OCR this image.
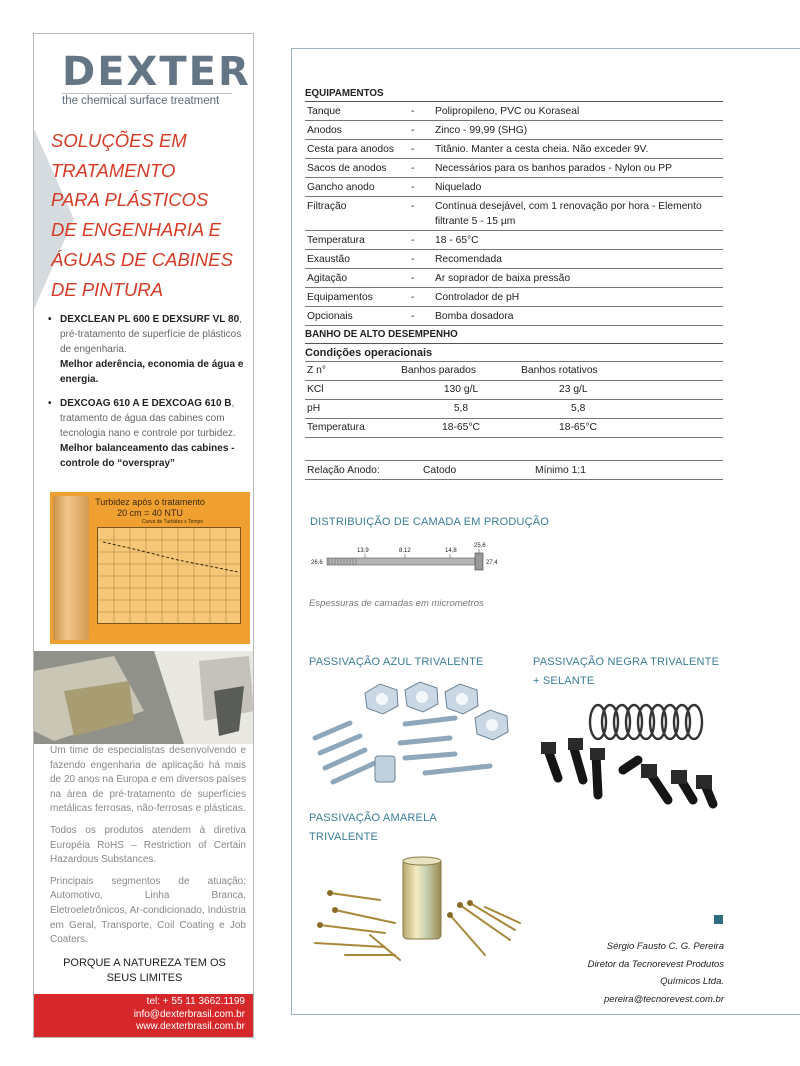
DEXTER
the chemical surface treatment
SOLUÇÕES EM
TRATAMENTO
PARA PLÁSTICOS
DE ENGENHARIA E
ÁGUAS DE CABINES
DE PINTURA
• DEXCLEAN PL 600 E DEXSURF VL 80, pré-tratamento de superfície de plásticos de engenharia.
Melhor aderência, economia de água e energia.
• DEXCOAG 610 A E DEXCOAG 610 B, tratamento de água das cabines com tecnologia nano e controle por turbidez.
Melhor balanceamento das cabines - controle do “overspray”
Turbidez após o tratamento
20 cm = 40 NTU
Curva de Turbidez x Tempo

Um time de especialistas desenvolvendo e fazendo engenharia de aplicação há mais de 20 anos na Europa e em diversos países na área de pré-tratamento de superfícies metálicas ferrosas, não-ferrosas e plásticas.

Todos os produtos atendem à diretiva Européia RoHS – Restriction of Certain Hazardous Substances.

Principais segmentos de atuação: Automotivo, Linha Branca, Eletroeletrônicos, Ar-condicionado, Indústria em Geral, Transporte, Coil Coating e Job Coaters.

PORQUE A NATUREZA TEM OS
SEUS LIMITES
tel: + 55 11 3662.1199
info@dexterbrasil.com.br
www.dexterbrasil.com.br
EQUIPAMENTOS
Tanque	-	Polipropileno, PVC ou Koraseal
Anodos	-	Zinco - 99,99 (SHG)
Cesta para anodos	-	Titânio. Manter a cesta cheia. Não exceder 9V.
Sacos de anodos	-	Necessários para os banhos parados - Nylon ou PP
Gancho anodo	-	Niquelado
Filtração	-	Contínua desejável, com 1 renovação por hora - Elemento filtrante 5 - 15 µm
Temperatura	-	18 - 65°C
Exaustão	-	Recomendada
Agitação	-	Ar soprador de baixa pressão
Equipamentos	-	Controlador de pH
Opcionais	-	Bomba dosadora
BANHO DE ALTO DESEMPENHO
Condições operacionais
Z n°	Banhos parados	Banhos rotativos
KCl	130 g/L	23 g/L
pH	5,8	5,8
Temperatura	18-65°C	18-65°C
Relação Anodo:	Catodo	Mínimo 1:1
DISTRIBUIÇÃO DE CAMADA EM PRODUÇÃO
26,6
13,9	8,12	14,8
25,6
27,4
Espessuras de camadas em micrometros
PASSIVAÇÃO AZUL TRIVALENTE	PASSIVAÇÃO NEGRA TRIVALENTE
+ SELANTE
PASSIVAÇÃO AMARELA
TRIVALENTE
Sérgio Fausto C. G. Pereira
Diretor da Tecnorevest Produtos
Químicos Ltda.
pereira@tecnorevest.com.br
